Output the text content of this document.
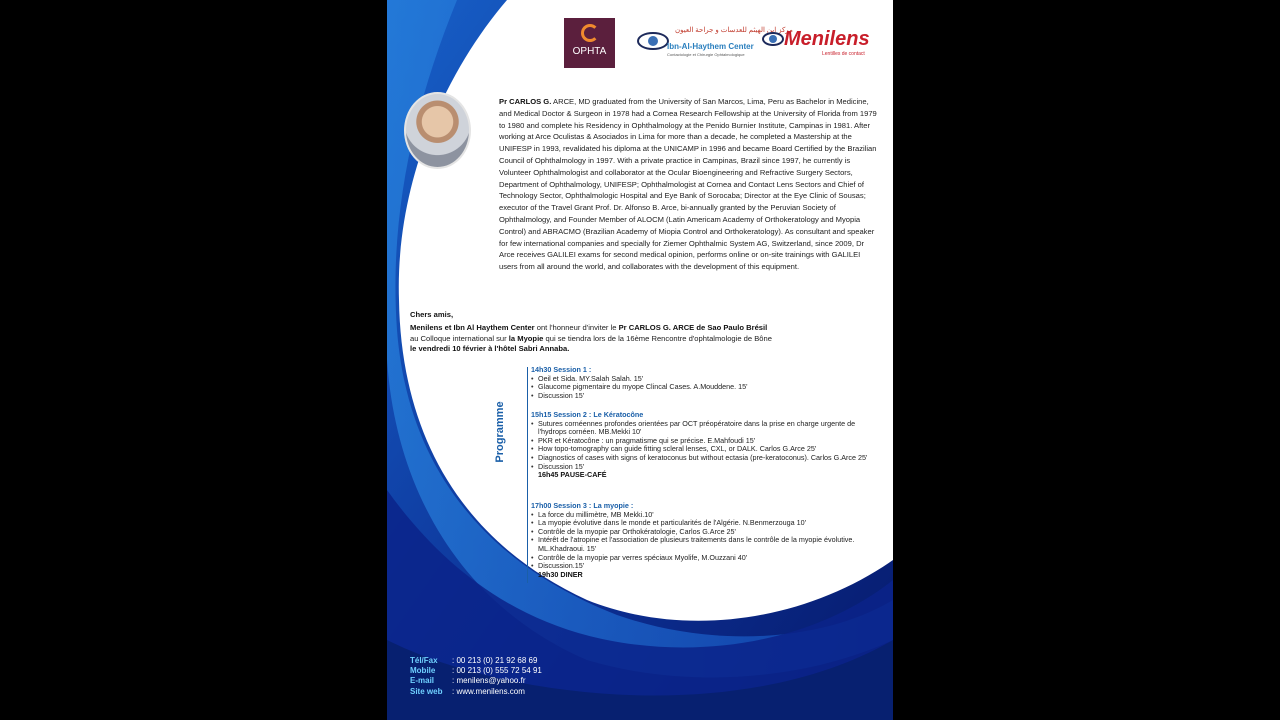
OPHTA
مركز ابن الهيثم للعدسات و جراحة العيون
Ibn-Al-Haythem Center
Contactologie et Chirurgie Ophtalmologique
Menilens
Lentilles de contact

Pr CARLOS G. ARCE, MD graduated from the University of San Marcos, Lima, Peru as Bachelor in Medicine, and Medical Doctor & Surgeon in 1978 had a Cornea Research Fellowship at the University of Florida from 1979 to 1980 and complete his Residency in Ophthalmology at the Penido Burnier Institute, Campinas in 1981. After working at Arce Oculistas & Asociados in Lima for more than a decade, he completed a Mastership at the UNIFESP in 1993, revalidated his diploma at the UNICAMP in 1996 and became Board Certified by the Brazilian Council of Ophthalmology in 1997. With a private practice in Campinas, Brazil since 1997, he currently is Volunteer Ophthalmologist and collaborator at the Ocular Bioengineering and Refractive Surgery Sectors, Department of Ophthalmology, UNIFESP; Ophthalmologist at Cornea and Contact Lens Sectors and Chief of Technology Sector, Ophthalmologic Hospital and Eye Bank of Sorocaba; Director at the Eye Clinic of Sousas; executor of the Travel Grant Prof. Dr. Alfonso B. Arce, bi-annually granted by the Peruvian Society of Ophthalmology, and Founder Member of ALOCM (Latin Americam Academy of Orthokeratology and Myopia Control) and ABRACMO (Brazilian Academy of Miopia Control and Orthokeratology). As consultant and speaker for few international companies and specially for Ziemer Ophthalmic System AG, Switzerland, since 2009, Dr Arce receives GALILEI exams for second medical opinion, performs online or on-site trainings with GALILEI users from all around the world, and collaborates with the development of this equipment.

Chers amis,

Menilens et Ibn Al Haythem Center ont l'honneur d'inviter le Pr CARLOS G. ARCE de Sao Paulo Brésil
au Colloque international sur la Myopie qui se tiendra lors de la 16ème Rencontre d'ophtalmologie de Bône
le vendredi 10 février à l'hôtel Sabri Annaba.

Programme
14h30 Session 1 :
• Oeil et Sida. MY.Salah Salah. 15'
• Glaucome pigmentaire du myope Clincal Cases. A.Mouddene. 15'
• Discussion 15'
15h15 Session 2 : Le Kératocône
• Sutures cornéennes profondes orientées par OCT préopératoire dans la prise en charge urgente de l'hydrops cornéen. MB.Mekki 10'
• PKR et Kératocône : un pragmatisme qui se précise. E.Mahfoudi 15'
• How topo-tomography can guide fitting scleral lenses, CXL, or DALK. Carlos G.Arce 25'
• Diagnostics of cases with signs of keratoconus but without ectasia (pre-keratoconus). Carlos G.Arce 25'
• Discussion 15'
16h45 PAUSE-CAFÉ
17h00 Session 3 : La myopie :
• La force du millimètre, MB Mekki.10'
• La myopie évolutive dans le monde et particularités de l'Algérie. N.Benmerzouga 10'
• Contrôle de la myopie par Orthokératologie, Carlos G.Arce 25'
• Intérêt de l'atropine et l'association de plusieurs traitements dans le contrôle de la myopie évolutive. ML.Khadraoui. 15'
• Contrôle de la myopie par verres spéciaux Myolife, M.Ouzzani 40'
• Discussion.15'
19h30 DINER
Tél/Fax : 00 213 (0) 21 92 68 69
Mobile : 00 213 (0) 555 72 54 91
E-mail : menilens@yahoo.fr
Site web : www.menilens.com
